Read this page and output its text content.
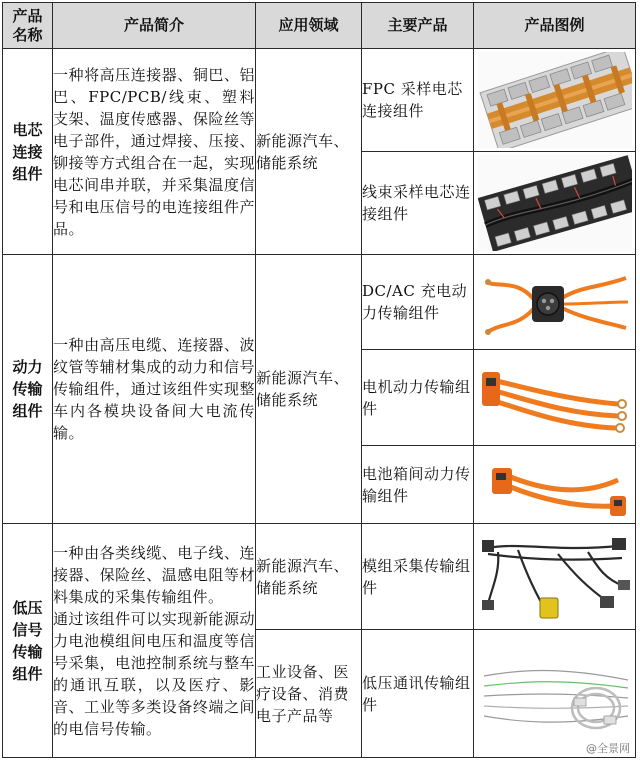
产品
名称	产品简介	应用领域	主要产品	产品图例
电芯
连接
组件	一种将高压连接器、铜巴、铝巴、FPC/PCB/线束、塑料支架、温度传感器、保险丝等电子部件，通过焊接、压接、铆接等方式组合在一起，实现电芯间串并联，并采集温度信号和电压信号的电连接组件产品。	新能源汽车、储能系统	FPC 采样电芯连接组件	

			线束采样电芯连接组件	

动力
传输
组件	一种由高压电缆、连接器、波纹管等辅材集成的动力和信号传输组件，通过该组件实现整车内各模块设备间大电流传输。	新能源汽车、储能系统	DC/AC 充电动力传输组件	

			电机动力传输组件	

			电池箱间动力传输组件	

低压
信号
传输
组件	一种由各类线缆、电子线、连接器、保险丝、温感电阻等材料集成的采集传输组件。
通过该组件可以实现新能源动力电池模组间电压和温度等信号采集，电池控制系统与整车的通讯互联，以及医疗、影音、工业等多类设备终端之间的电信号传输。	新能源汽车、储能系统	模组采集传输组件	

		工业设备、医疗设备、消费电子产品等	低压通讯传输组件	
@全景网
